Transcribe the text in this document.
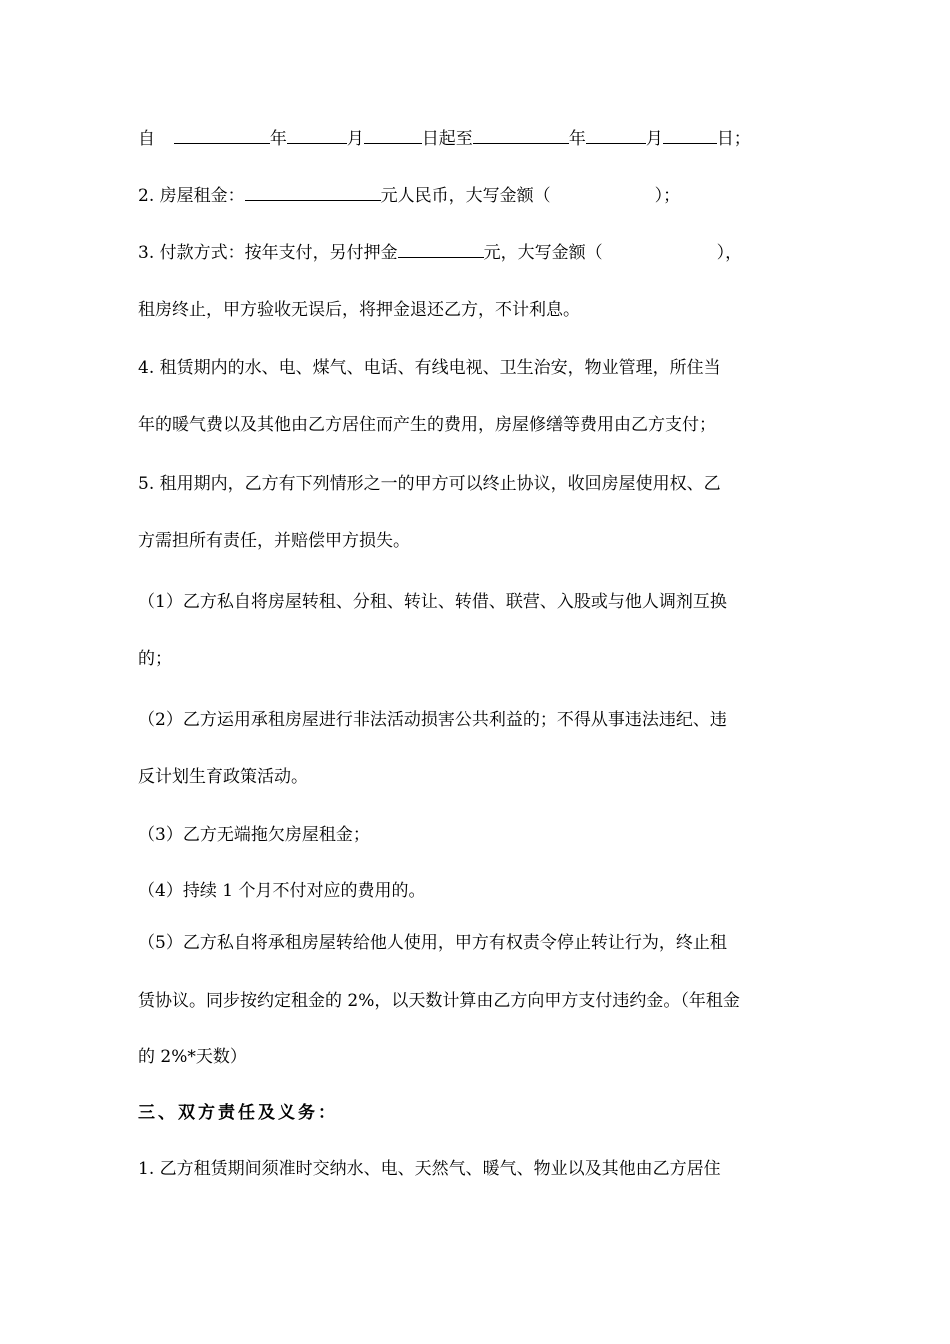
自	年	月	日起至	年	月	日；
2. 房屋租金：	元人民币，大写金额（	）；
3. 付款方式：按年支付，另付押金	元，大写金额（	），
租房终止，甲方验收无误后，将押金退还乙方，不计利息。
4. 租赁期内的水、电、煤气、电话、有线电视、卫生治安，物业管理，所住当
年的暖气费以及其他由乙方居住而产生的费用，房屋修缮等费用由乙方支付；
5. 租用期内，乙方有下列情形之一的甲方可以终止协议，收回房屋使用权、乙
方需担所有责任，并赔偿甲方损失。
（1）乙方私自将房屋转租、分租、转让、转借、联营、入股或与他人调剂互换
的；
（2）乙方运用承租房屋进行非法活动损害公共利益的；不得从事违法违纪、违
反计划生育政策活动。
（3）乙方无端拖欠房屋租金；
（4）持续 1 个月不付对应的费用的。
（5）乙方私自将承租房屋转给他人使用，甲方有权责令停止转让行为，终止租
赁协议。同步按约定租金的 2%，以天数计算由乙方向甲方支付违约金。（年租金
的 2%*天数）
三、双方责任及义务：
1. 乙方租赁期间须准时交纳水、电、天然气、暖气、物业以及其他由乙方居住
